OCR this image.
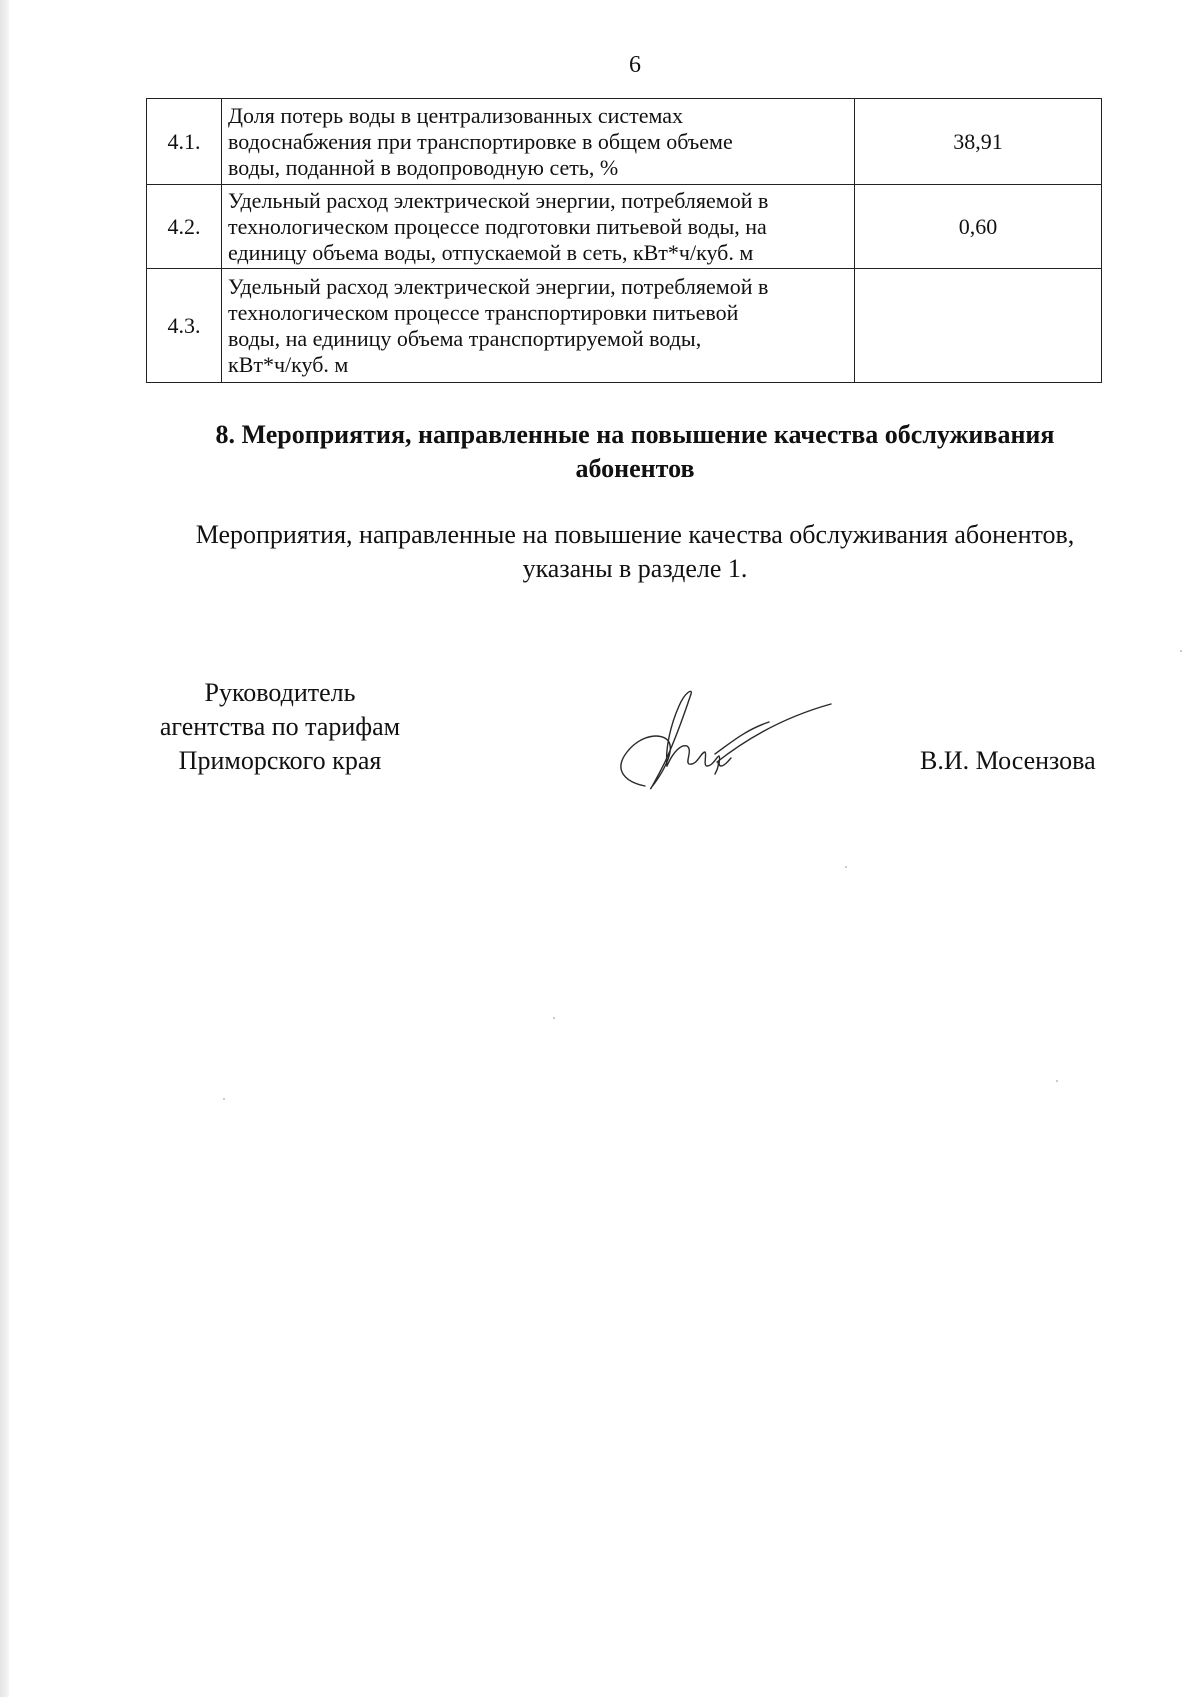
6
4.1.	Доля потерь воды в централизованных системах
водоснабжения при транспортировке в общем объеме
воды, поданной в водопроводную сеть, %	38,91
4.2.	Удельный расход электрической энергии, потребляемой в
технологическом процессе подготовки питьевой воды, на
единицу объема воды, отпускаемой в сеть, кВт*ч/куб. м	0,60
4.3.	Удельный расход электрической энергии, потребляемой в
технологическом процессе транспортировки питьевой
воды, на единицу объема транспортируемой воды,
кВт*ч/куб. м	

8. Мероприятия, направленные на повышение качества обслуживания
абонентов
Мероприятия, направленные на повышение качества обслуживания абонентов,
указаны в разделе 1.
Руководитель
агентства по тарифам
Приморского края	В.И. Мосензова
